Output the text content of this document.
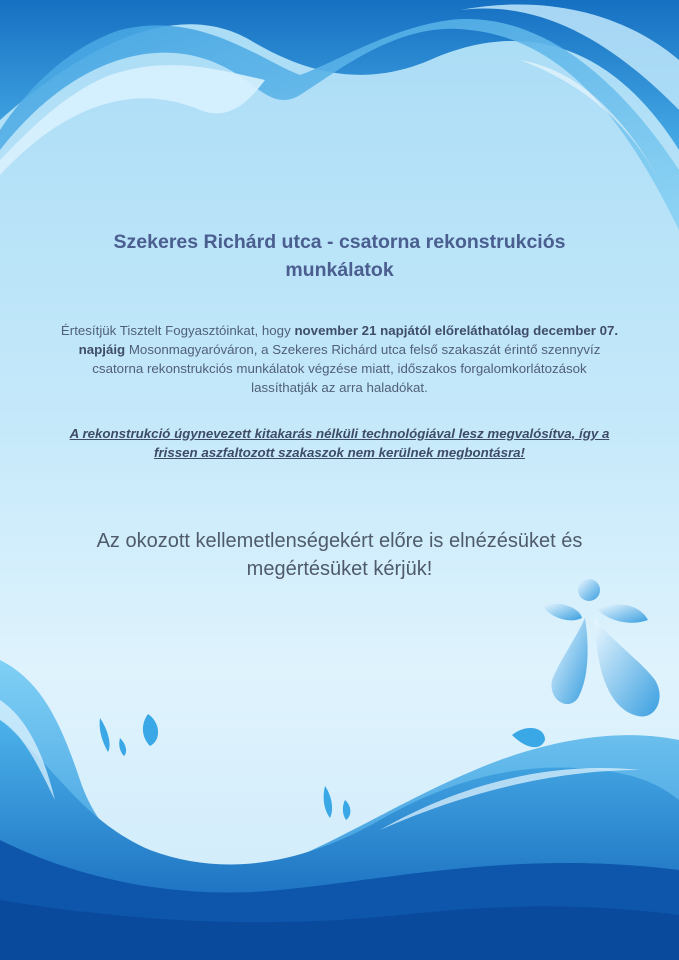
Szekeres Richárd utca - csatorna rekonstrukciós munkálatok

Értesítjük Tisztelt Fogyasztóinkat, hogy november 21 napjától előreláthatólag december 07. napjáig Mosonmagyaróváron, a Szekeres Richárd utca felső szakaszát érintő szennyvíz csatorna rekonstrukciós munkálatok végzése miatt, időszakos forgalomkorlátozások lassíthatják az arra haladókat.

A rekonstrukció úgynevezett kitakarás nélküli technológiával lesz megvalósítva, így a frissen aszfaltozott szakaszok nem kerülnek megbontásra!

Az okozott kellemetlenségekért előre is elnézésüket és megértésüket kérjük!
